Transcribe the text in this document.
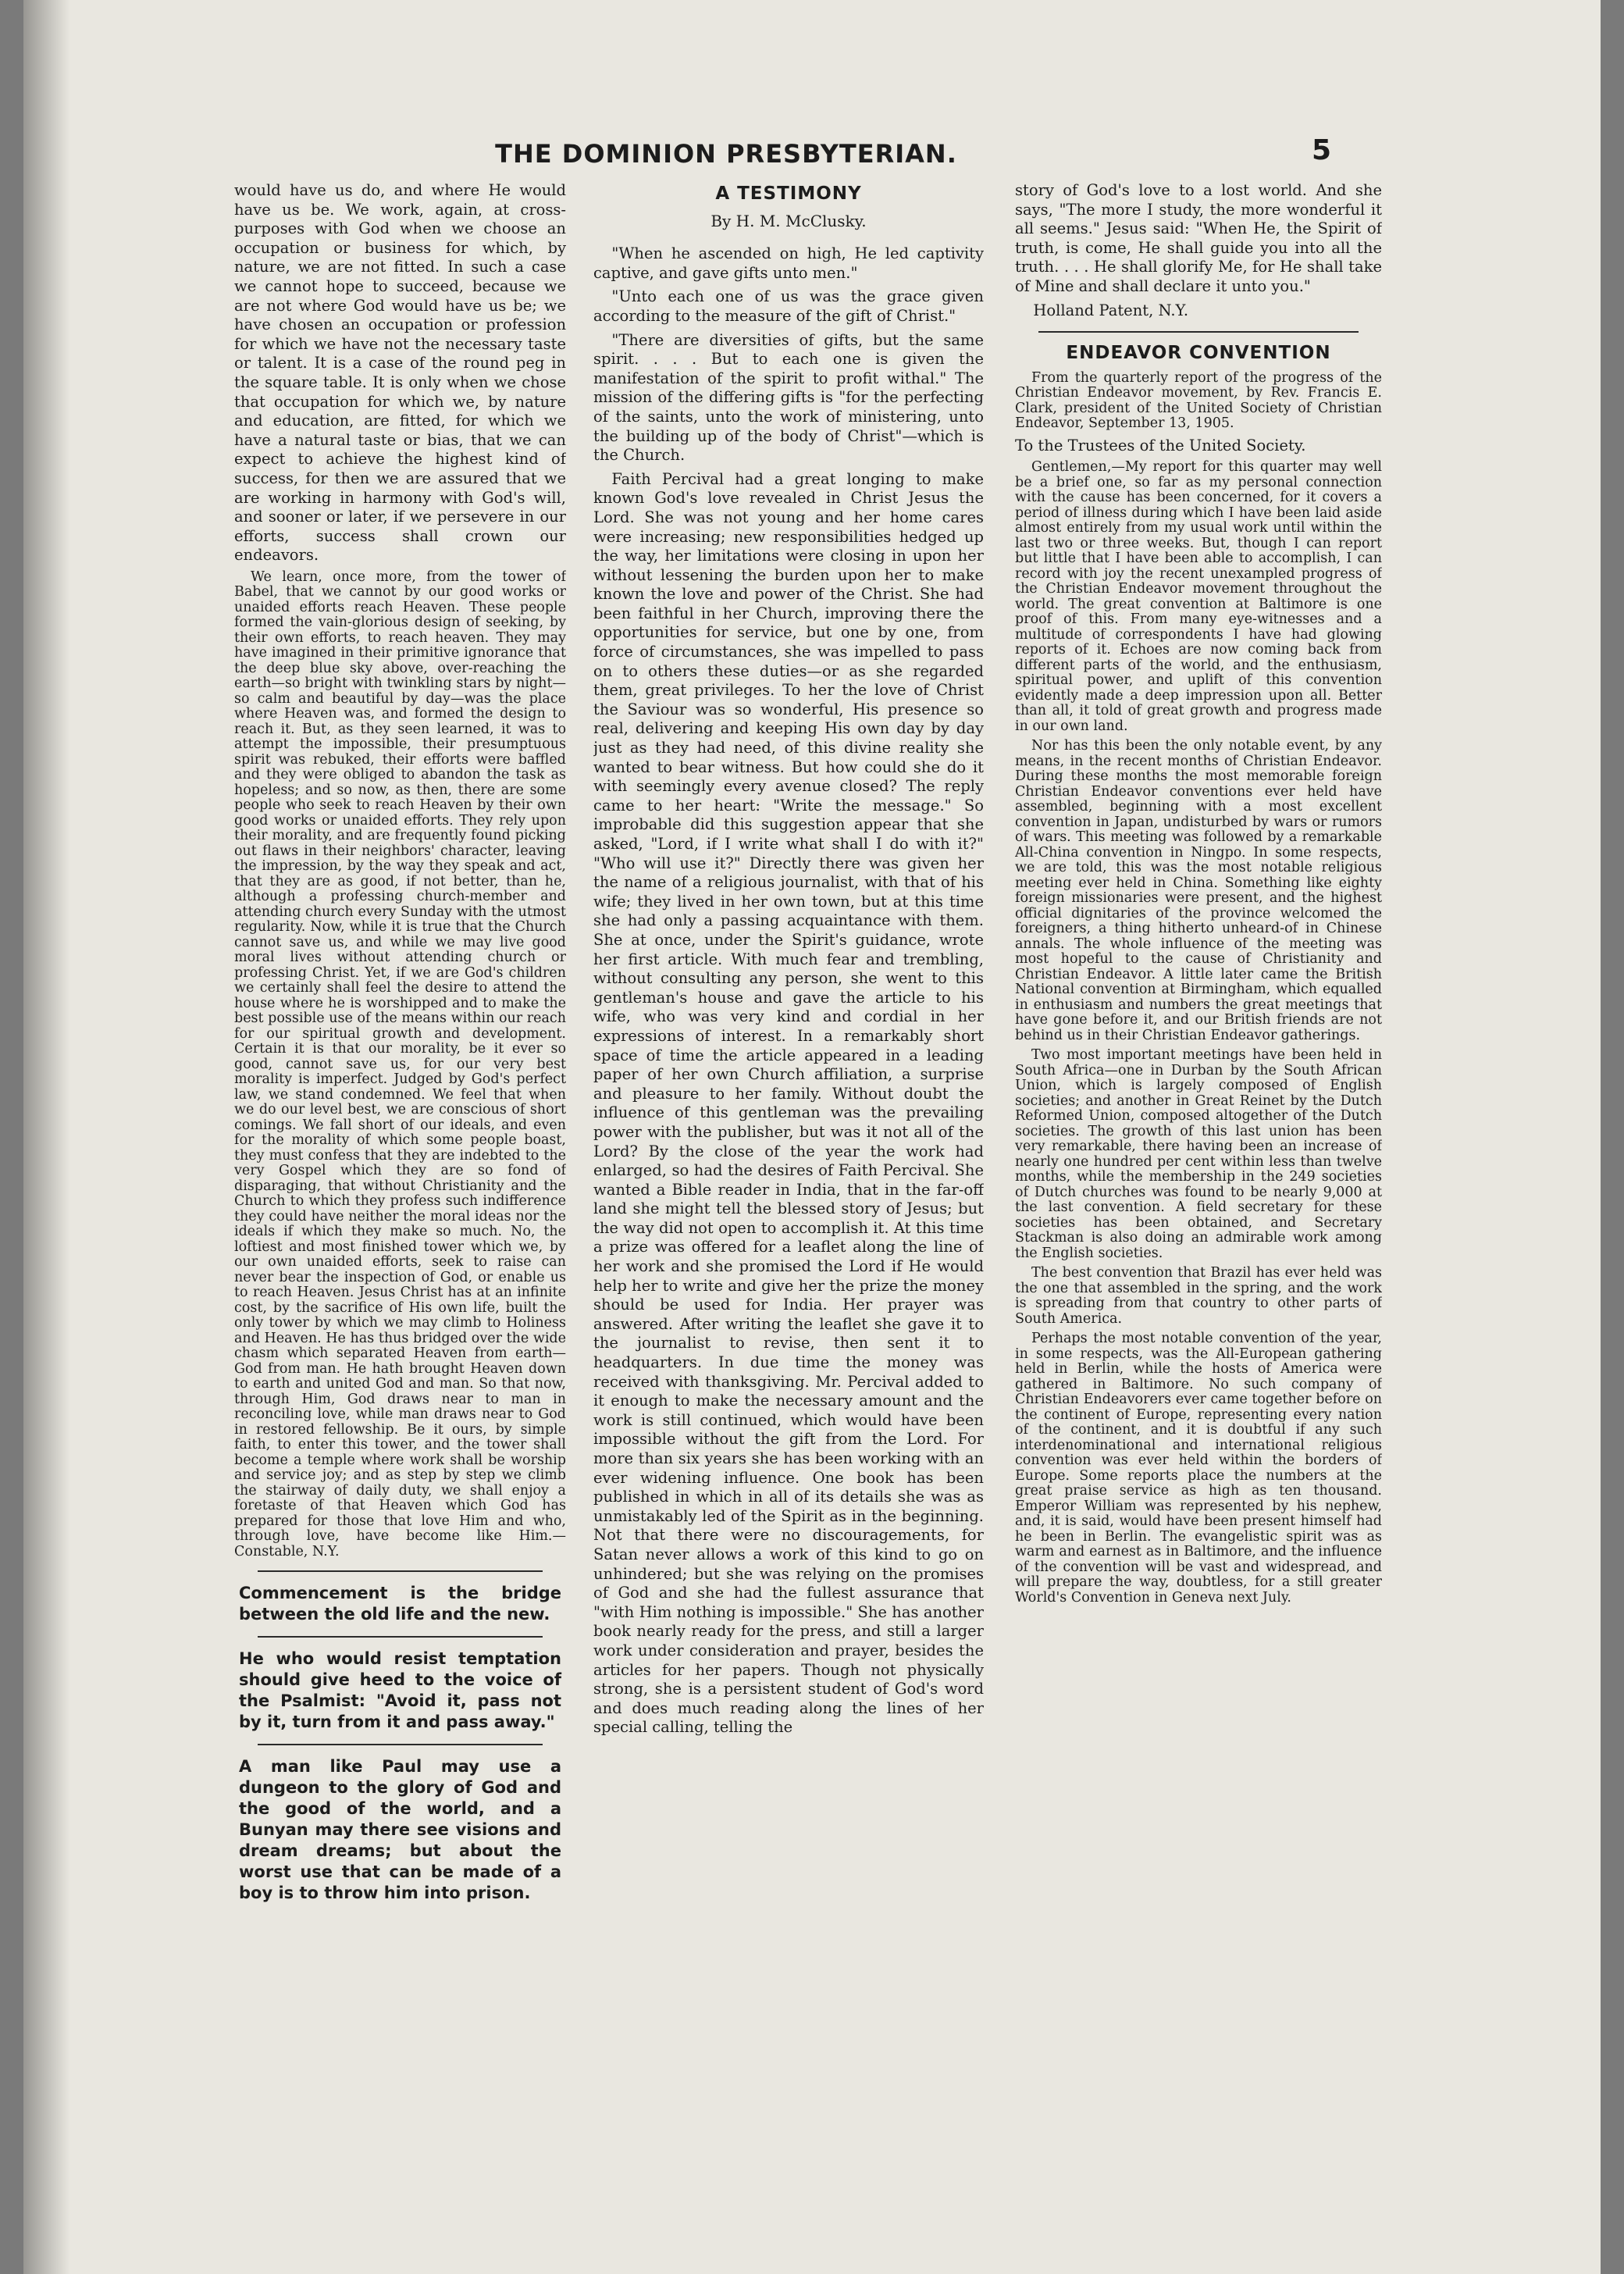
THE DOMINION PRESBYTERIAN.	5

would have us do, and where He would have us be. We work, again, at cross-purposes with God when we choose an occupation or business for which, by nature, we are not fitted. In such a case we cannot hope to succeed, because we are not where God would have us be; we have chosen an occupation or profession for which we have not the necessary taste or talent. It is a case of the round peg in the square table. It is only when we chose that occupation for which we, by nature and education, are fitted, for which we have a natural taste or bias, that we can expect to achieve the highest kind of success, for then we are assured that we are working in harmony with God's will, and sooner or later, if we persevere in our efforts, success shall crown our endeavors.

We learn, once more, from the tower of Babel, that we cannot by our good works or unaided efforts reach Heaven. These people formed the vain-glorious design of seeking, by their own efforts, to reach heaven. They may have imagined in their primitive ignorance that the deep blue sky above, over-reaching the earth—so bright with twinkling stars by night—so calm and beautiful by day—was the place where Heaven was, and formed the design to reach it. But, as they seen learned, it was to attempt the impossible, their presumptuous spirit was rebuked, their efforts were baffled and they were obliged to abandon the task as hopeless; and so now, as then, there are some people who seek to reach Heaven by their own good works or unaided efforts. They rely upon their morality, and are frequently found picking out flaws in their neighbors' character, leaving the impression, by the way they speak and act, that they are as good, if not better, than he, although a professing church-member and attending church every Sunday with the utmost regularity. Now, while it is true that the Church cannot save us, and while we may live good moral lives without attending church or professing Christ. Yet, if we are God's children we certainly shall feel the desire to attend the house where he is worshipped and to make the best possible use of the means within our reach for our spiritual growth and development. Certain it is that our morality, be it ever so good, cannot save us, for our very best morality is imperfect. Judged by God's perfect law, we stand condemned. We feel that when we do our level best, we are conscious of short comings. We fall short of our ideals, and even for the morality of which some people boast, they must confess that they are indebted to the very Gospel which they are so fond of disparaging, that without Christianity and the Church to which they profess such indifference they could have neither the moral ideas nor the ideals if which they make so much. No, the loftiest and most finished tower which we, by our own unaided efforts, seek to raise can never bear the inspection of God, or enable us to reach Heaven. Jesus Christ has at an infinite cost, by the sacrifice of His own life, built the only tower by which we may climb to Holiness and Heaven. He has thus bridged over the wide chasm which separated Heaven from earth—God from man. He hath brought Heaven down to earth and united God and man. So that now, through Him, God draws near to man in reconciling love, while man draws near to God in restored fellowship. Be it ours, by simple faith, to enter this tower, and the tower shall become a temple where work shall be worship and service joy; and as step by step we climb the stairway of daily duty, we shall enjoy a foretaste of that Heaven which God has prepared for those that love Him and who, through love, have become like Him.—Constable, N.Y.

Commencement is the bridge between the old life and the new.
He who would resist temptation should give heed to the voice of the Psalmist: "Avoid it, pass not by it, turn from it and pass away."
A man like Paul may use a dungeon to the glory of God and the good of the world, and a Bunyan may there see visions and dream dreams; but about the worst use that can be made of a boy is to throw him into prison.
A TESTIMONY
By H. M. McClusky.

"When he ascended on high, He led captivity captive, and gave gifts unto men."

"Unto each one of us was the grace given according to the measure of the gift of Christ."

"There are diversities of gifts, but the same spirit. . . . But to each one is given the manifestation of the spirit to profit withal." The mission of the differing gifts is "for the perfecting of the saints, unto the work of ministering, unto the building up of the body of Christ"—which is the Church.

Faith Percival had a great longing to make known God's love revealed in Christ Jesus the Lord. She was not young and her home cares were increasing; new responsibilities hedged up the way, her limitations were closing in upon her without lessening the burden upon her to make known the love and power of the Christ. She had been faithful in her Church, improving there the opportunities for service, but one by one, from force of circumstances, she was impelled to pass on to others these duties—or as she regarded them, great privileges. To her the love of Christ the Saviour was so wonderful, His presence so real, delivering and keeping His own day by day just as they had need, of this divine reality she wanted to bear witness. But how could she do it with seemingly every avenue closed? The reply came to her heart: "Write the message." So improbable did this suggestion appear that she asked, "Lord, if I write what shall I do with it?" "Who will use it?" Directly there was given her the name of a religious journalist, with that of his wife; they lived in her own town, but at this time she had only a passing acquaintance with them. She at once, under the Spirit's guidance, wrote her first article. With much fear and trembling, without consulting any person, she went to this gentleman's house and gave the article to his wife, who was very kind and cordial in her expressions of interest. In a remarkably short space of time the article appeared in a leading paper of her own Church affiliation, a surprise and pleasure to her family. Without doubt the influence of this gentleman was the prevailing power with the publisher, but was it not all of the Lord? By the close of the year the work had enlarged, so had the desires of Faith Percival. She wanted a Bible reader in India, that in the far-off land she might tell the blessed story of Jesus; but the way did not open to accomplish it. At this time a prize was offered for a leaflet along the line of her work and she promised the Lord if He would help her to write and give her the prize the money should be used for India. Her prayer was answered. After writing the leaflet she gave it to the journalist to revise, then sent it to headquarters. In due time the money was received with thanksgiving. Mr. Percival added to it enough to make the necessary amount and the work is still continued, which would have been impossible without the gift from the Lord. For more than six years she has been working with an ever widening influence. One book has been published in which in all of its details she was as unmistakably led of the Spirit as in the beginning. Not that there were no discouragements, for Satan never allows a work of this kind to go on unhindered; but she was relying on the promises of God and she had the fullest assurance that "with Him nothing is impossible." She has another book nearly ready for the press, and still a larger work under consideration and prayer, besides the articles for her papers. Though not physically strong, she is a persistent student of God's word and does much reading along the lines of her special calling, telling the

story of God's love to a lost world. And she says, "The more I study, the more wonderful it all seems." Jesus said: "When He, the Spirit of truth, is come, He shall guide you into all the truth. . . . He shall glorify Me, for He shall take of Mine and shall declare it unto you."

Holland Patent, N.Y.

ENDEAVOR CONVENTION

From the quarterly report of the progress of the Christian Endeavor movement, by Rev. Francis E. Clark, president of the United Society of Christian Endeavor, September 13, 1905.

To the Trustees of the United Society.

Gentlemen,—My report for this quarter may well be a brief one, so far as my personal connection with the cause has been concerned, for it covers a period of illness during which I have been laid aside almost entirely from my usual work until within the last two or three weeks. But, though I can report but little that I have been able to accomplish, I can record with joy the recent unexampled progress of the Christian Endeavor movement throughout the world. The great convention at Baltimore is one proof of this. From many eye-witnesses and a multitude of correspondents I have had glowing reports of it. Echoes are now coming back from different parts of the world, and the enthusiasm, spiritual power, and uplift of this convention evidently made a deep impression upon all. Better than all, it told of great growth and progress made in our own land.

Nor has this been the only notable event, by any means, in the recent months of Christian Endeavor. During these months the most memorable foreign Christian Endeavor conventions ever held have assembled, beginning with a most excellent convention in Japan, undisturbed by wars or rumors of wars. This meeting was followed by a remarkable All-China convention in Ningpo. In some respects, we are told, this was the most notable religious meeting ever held in China. Something like eighty foreign missionaries were present, and the highest official dignitaries of the province welcomed the foreigners, a thing hitherto unheard-of in Chinese annals. The whole influence of the meeting was most hopeful to the cause of Christianity and Christian Endeavor. A little later came the British National convention at Birmingham, which equalled in enthusiasm and numbers the great meetings that have gone before it, and our British friends are not behind us in their Christian Endeavor gatherings.

Two most important meetings have been held in South Africa—one in Durban by the South African Union, which is largely composed of English societies; and another in Great Reinet by the Dutch Reformed Union, composed altogether of the Dutch societies. The growth of this last union has been very remarkable, there having been an increase of nearly one hundred per cent within less than twelve months, while the membership in the 249 societies of Dutch churches was found to be nearly 9,000 at the last convention. A field secretary for these societies has been obtained, and Secretary Stackman is also doing an admirable work among the English societies.

The best convention that Brazil has ever held was the one that assembled in the spring, and the work is spreading from that country to other parts of South America.

Perhaps the most notable convention of the year, in some respects, was the All-European gathering held in Berlin, while the hosts of America were gathered in Baltimore. No such company of Christian Endeavorers ever came together before on the continent of Europe, representing every nation of the continent, and it is doubtful if any such interdenominational and international religious convention was ever held within the borders of Europe. Some reports place the numbers at the great praise service as high as ten thousand. Emperor William was represented by his nephew, and, it is said, would have been present himself had he been in Berlin. The evangelistic spirit was as warm and earnest as in Baltimore, and the influence of the convention will be vast and widespread, and will prepare the way, doubtless, for a still greater World's Convention in Geneva next July.
